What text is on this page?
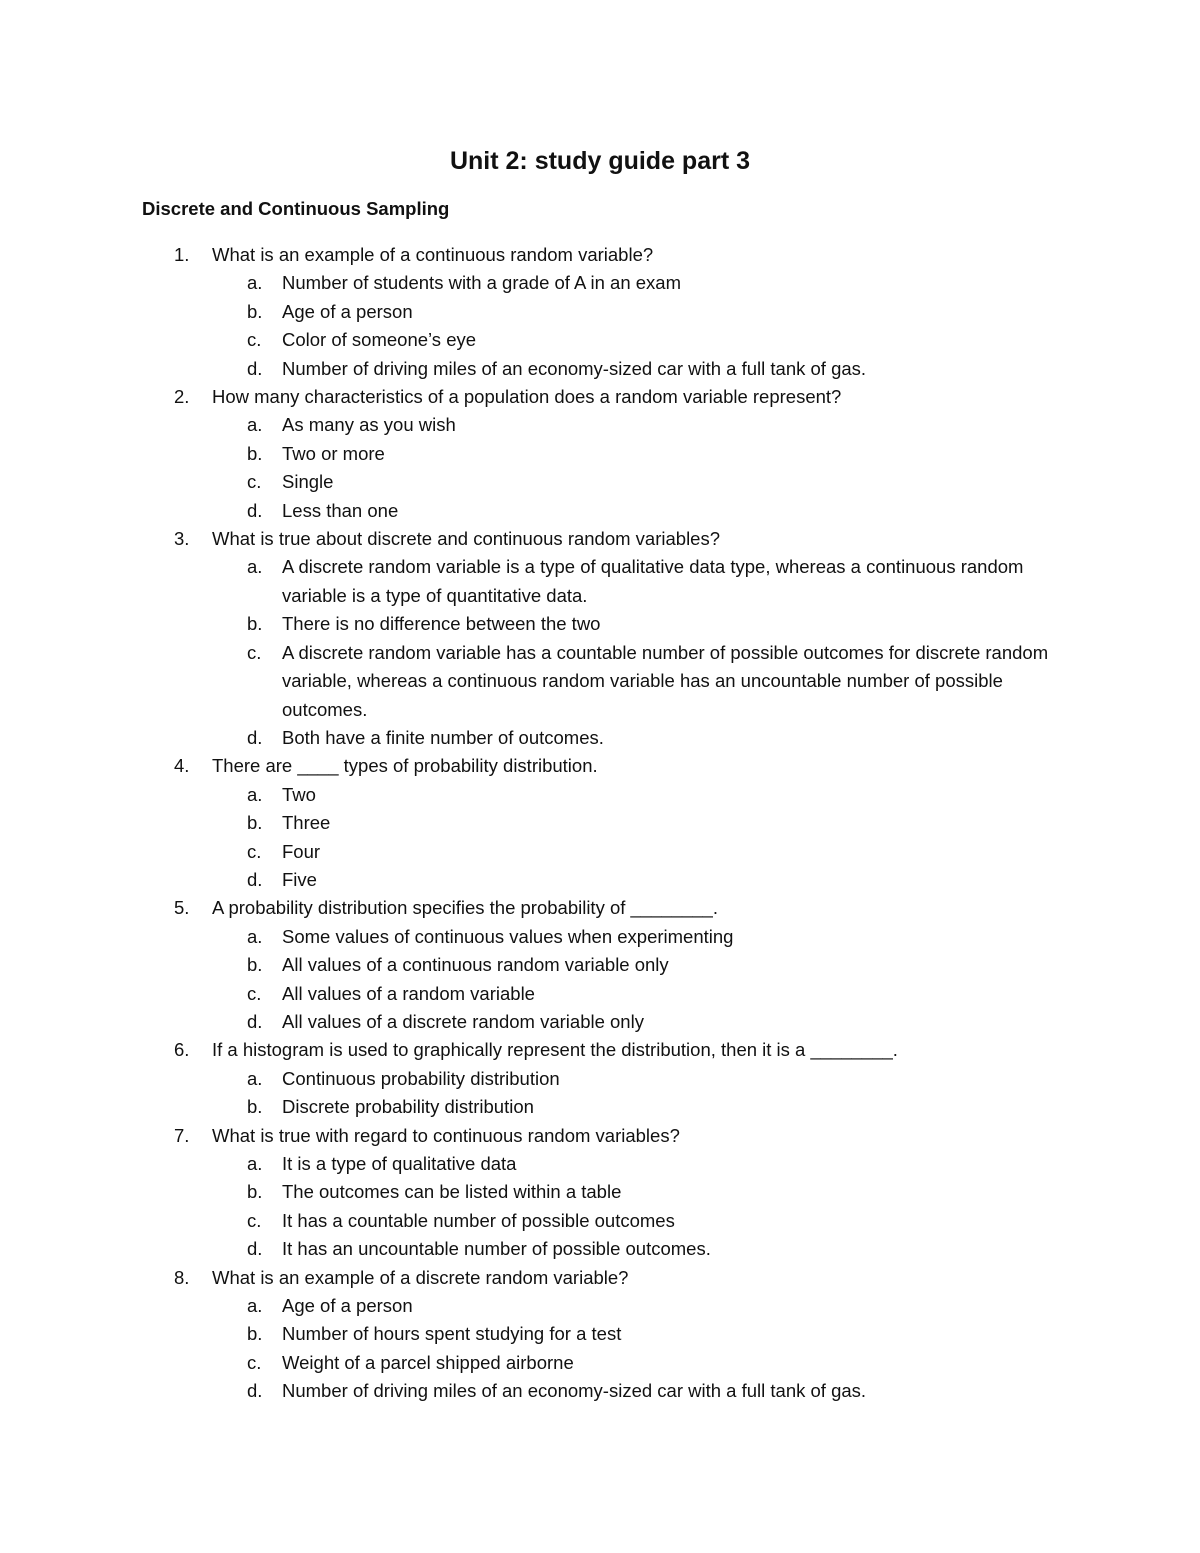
Unit 2: study guide part 3
Discrete and Continuous Sampling
1. What is an example of a continuous random variable?
a. Number of students with a grade of A in an exam
b. Age of a person
c. Color of someone’s eye
d. Number of driving miles of an economy-sized car with a full tank of gas.
2. How many characteristics of a population does a random variable represent?
a. As many as you wish
b. Two or more
c. Single
d. Less than one
3. What is true about discrete and continuous random variables?
a. A discrete random variable is a type of qualitative data type, whereas a continuous random variable is a type of quantitative data.
b. There is no difference between the two
c. A discrete random variable has a countable number of possible outcomes for discrete random variable, whereas a continuous random variable has an uncountable number of possible outcomes.
d. Both have a finite number of outcomes.
4. There are ____ types of probability distribution.
a. Two
b. Three
c. Four
d. Five
5. A probability distribution specifies the probability of ________.
a. Some values of continuous values when experimenting
b. All values of a continuous random variable only
c. All values of a random variable
d. All values of a discrete random variable only
6. If a histogram is used to graphically represent the distribution, then it is a ________.
a. Continuous probability distribution
b. Discrete probability distribution
7. What is true with regard to continuous random variables?
a. It is a type of qualitative data
b. The outcomes can be listed within a table
c. It has a countable number of possible outcomes
d. It has an uncountable number of possible outcomes.
8. What is an example of a discrete random variable?
a. Age of a person
b. Number of hours spent studying for a test
c. Weight of a parcel shipped airborne
d. Number of driving miles of an economy-sized car with a full tank of gas.
